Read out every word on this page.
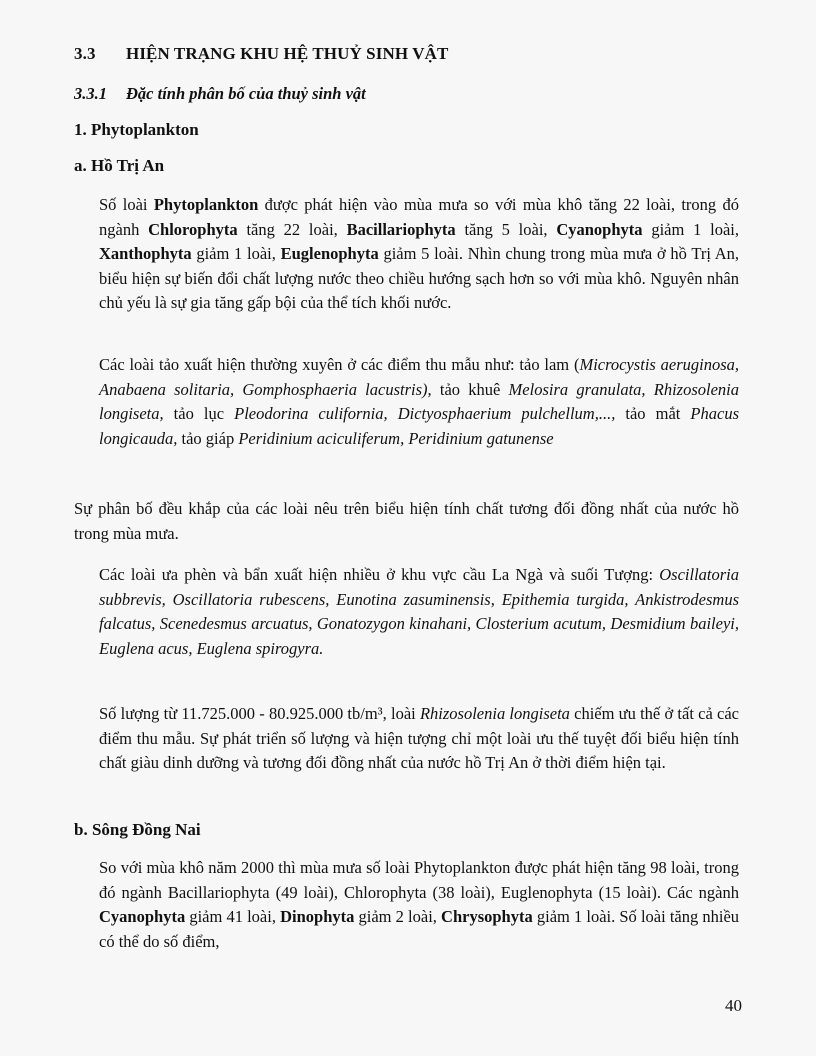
3.3 HIỆN TRẠNG KHU HỆ THUỶ SINH VẬT
3.3.1 Đặc tính phân bố của thuỷ sinh vật
1. Phytoplankton
a. Hồ Trị An

Số loài Phytoplankton được phát hiện vào mùa mưa so với mùa khô tăng 22 loài, trong đó ngành Chlorophyta tăng 22 loài, Bacillariophyta tăng 5 loài, Cyanophyta giảm 1 loài, Xanthophyta giảm 1 loài, Euglenophyta giảm 5 loài. Nhìn chung trong mùa mưa ở hồ Trị An, biểu hiện sự biến đổi chất lượng nước theo chiều hướng sạch hơn so với mùa khô. Nguyên nhân chủ yếu là sự gia tăng gấp bội của thể tích khối nước.

Các loài tảo xuất hiện thường xuyên ở các điểm thu mẫu như: tảo lam (Microcystis aeruginosa, Anabaena solitaria, Gomphosphaeria lacustris), tảo khuê Melosira granulata, Rhizosolenia longiseta, tảo lục Pleodorina culifornia, Dictyosphaerium pulchellum,..., tảo mắt Phacus longicauda, tảo giáp Peridinium aciculiferum, Peridinium gatunense

Sự phân bố đều khắp của các loài nêu trên biểu hiện tính chất tương đối đồng nhất của nước hồ trong mùa mưa.

Các loài ưa phèn và bẩn xuất hiện nhiều ở khu vực cầu La Ngà và suối Tượng: Oscillatoria subbrevis, Oscillatoria rubescens, Eunotina zasuminensis, Epithemia turgida, Ankistrodesmus falcatus, Scenedesmus arcuatus, Gonatozygon kinahani, Closterium acutum, Desmidium baileyi, Euglena acus, Euglena spirogyra.

Số lượng từ 11.725.000 - 80.925.000 tb/m³, loài Rhizosolenia longiseta chiếm ưu thế ở tất cả các điểm thu mẫu. Sự phát triển số lượng và hiện tượng chỉ một loài ưu thế tuyệt đối biểu hiện tính chất giàu dinh dưỡng và tương đối đồng nhất của nước hồ Trị An ở thời điểm hiện tại.

b. Sông Đồng Nai

So với mùa khô năm 2000 thì mùa mưa số loài Phytoplankton được phát hiện tăng 98 loài, trong đó ngành Bacillariophyta (49 loài), Chlorophyta (38 loài), Euglenophyta (15 loài). Các ngành Cyanophyta giảm 41 loài, Dinophyta giảm 2 loài, Chrysophyta giảm 1 loài. Số loài tăng nhiều có thể do số điểm,

40
